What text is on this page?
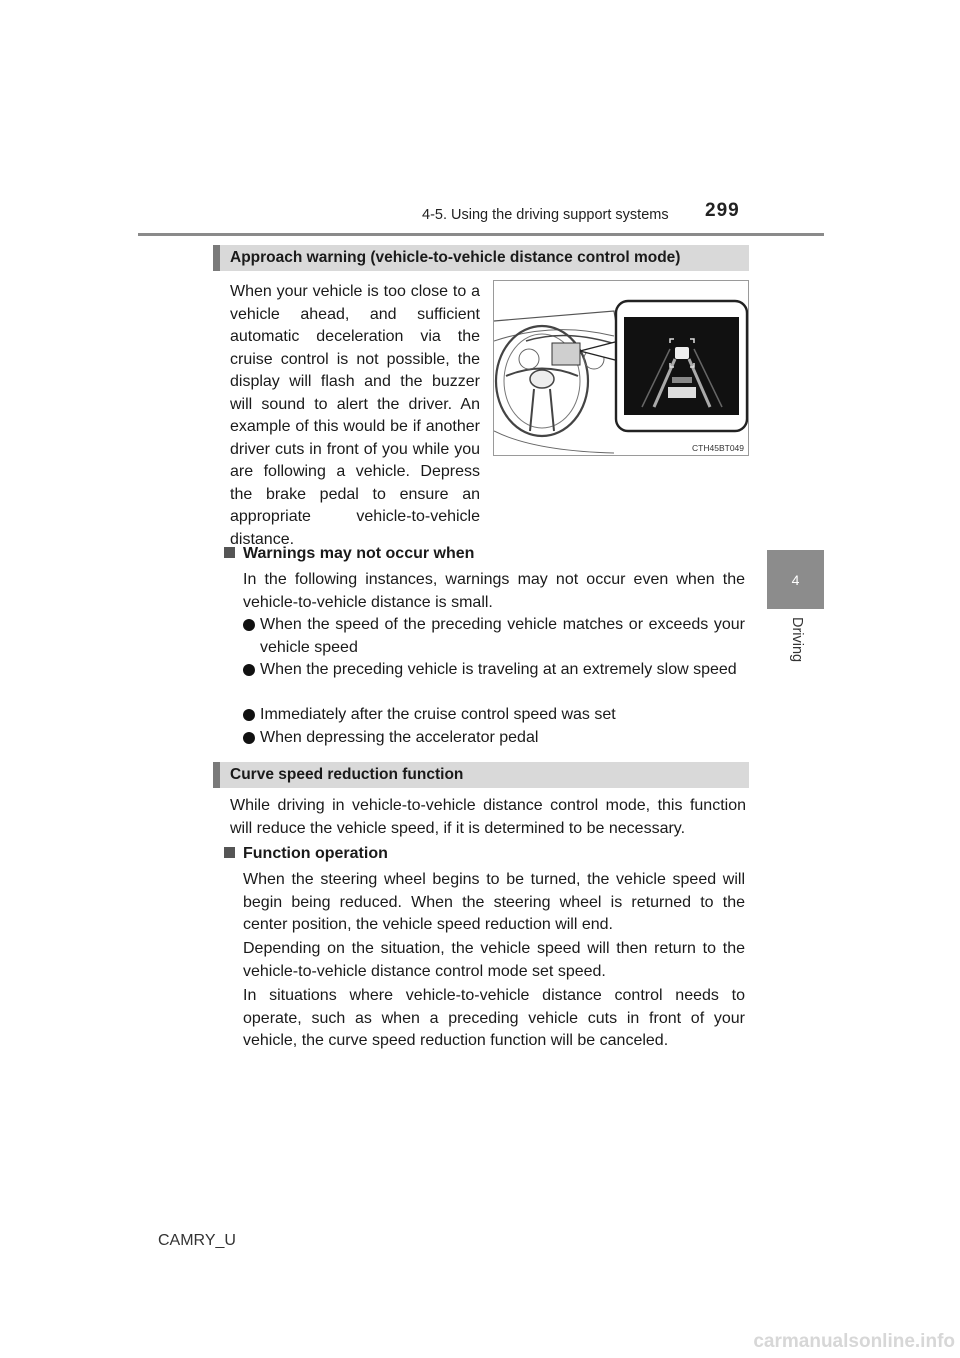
4-5. Using the driving support systems 299
4
Driving
Approach warning (vehicle-to-vehicle distance control mode)
When your vehicle is too close to a vehicle ahead, and sufficient automatic deceleration via the cruise control is not possible, the display will flash and the buzzer will sound to alert the driver. An example of this would be if another driver cuts in front of you while you are following a vehicle. Depress the brake pedal to ensure an appropriate vehicle-to-vehicle distance.
CTH45BT049
Warnings may not occur when
In the following instances, warnings may not occur even when the vehicle-to-vehicle distance is small.
When the speed of the preceding vehicle matches or exceeds your vehicle speed
When the preceding vehicle is traveling at an extremely slow speed
Immediately after the cruise control speed was set
When depressing the accelerator pedal
Curve speed reduction function
While driving in vehicle-to-vehicle distance control mode, this function will reduce the vehicle speed, if it is determined to be necessary.
Function operation
When the steering wheel begins to be turned, the vehicle speed will begin being reduced. When the steering wheel is returned to the center position, the vehicle speed reduction will end.
Depending on the situation, the vehicle speed will then return to the vehicle-to-vehicle distance control mode set speed.
In situations where vehicle-to-vehicle distance control needs to operate, such as when a preceding vehicle cuts in front of your vehicle, the curve speed reduction function will be canceled.
CAMRY_U
carmanualsonline.info
